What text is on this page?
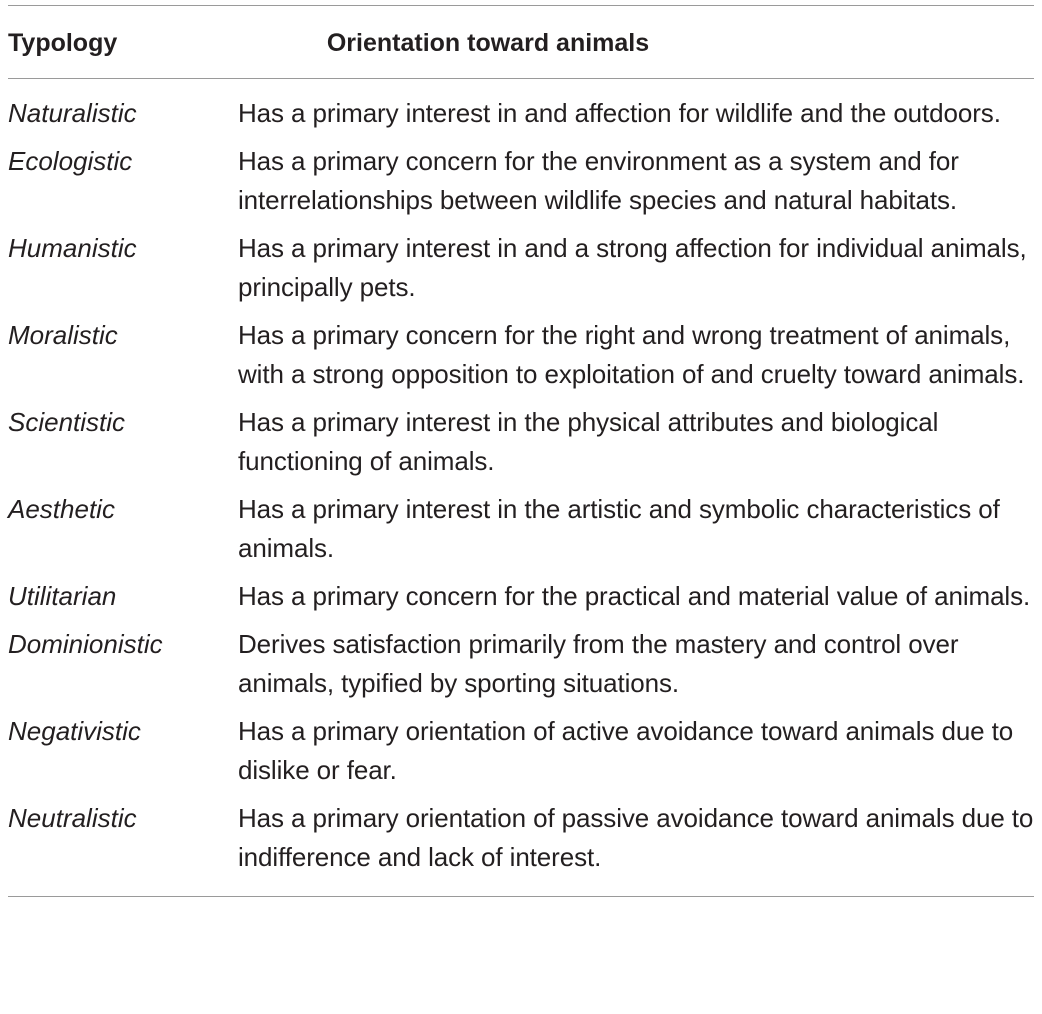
Typology	Orientation toward animals
Naturalistic	Has a primary interest in and affection for wildlife and the outdoors.
Ecologistic	Has a primary concern for the environment as a system and for interrelationships between wildlife species and natural habitats.
Humanistic	Has a primary interest in and a strong affection for individual animals, principally pets.
Moralistic	Has a primary concern for the right and wrong treatment of animals, with a strong opposition to exploitation of and cruelty toward animals.
Scientistic	Has a primary interest in the physical attributes and biological functioning of animals.
Aesthetic	Has a primary interest in the artistic and symbolic characteristics of animals.
Utilitarian	Has a primary concern for the practical and material value of animals.
Dominionistic	Derives satisfaction primarily from the mastery and control over animals, typified by sporting situations.
Negativistic	Has a primary orientation of active avoidance toward animals due to dislike or fear.
Neutralistic	Has a primary orientation of passive avoidance toward animals due to indifference and lack of interest.
